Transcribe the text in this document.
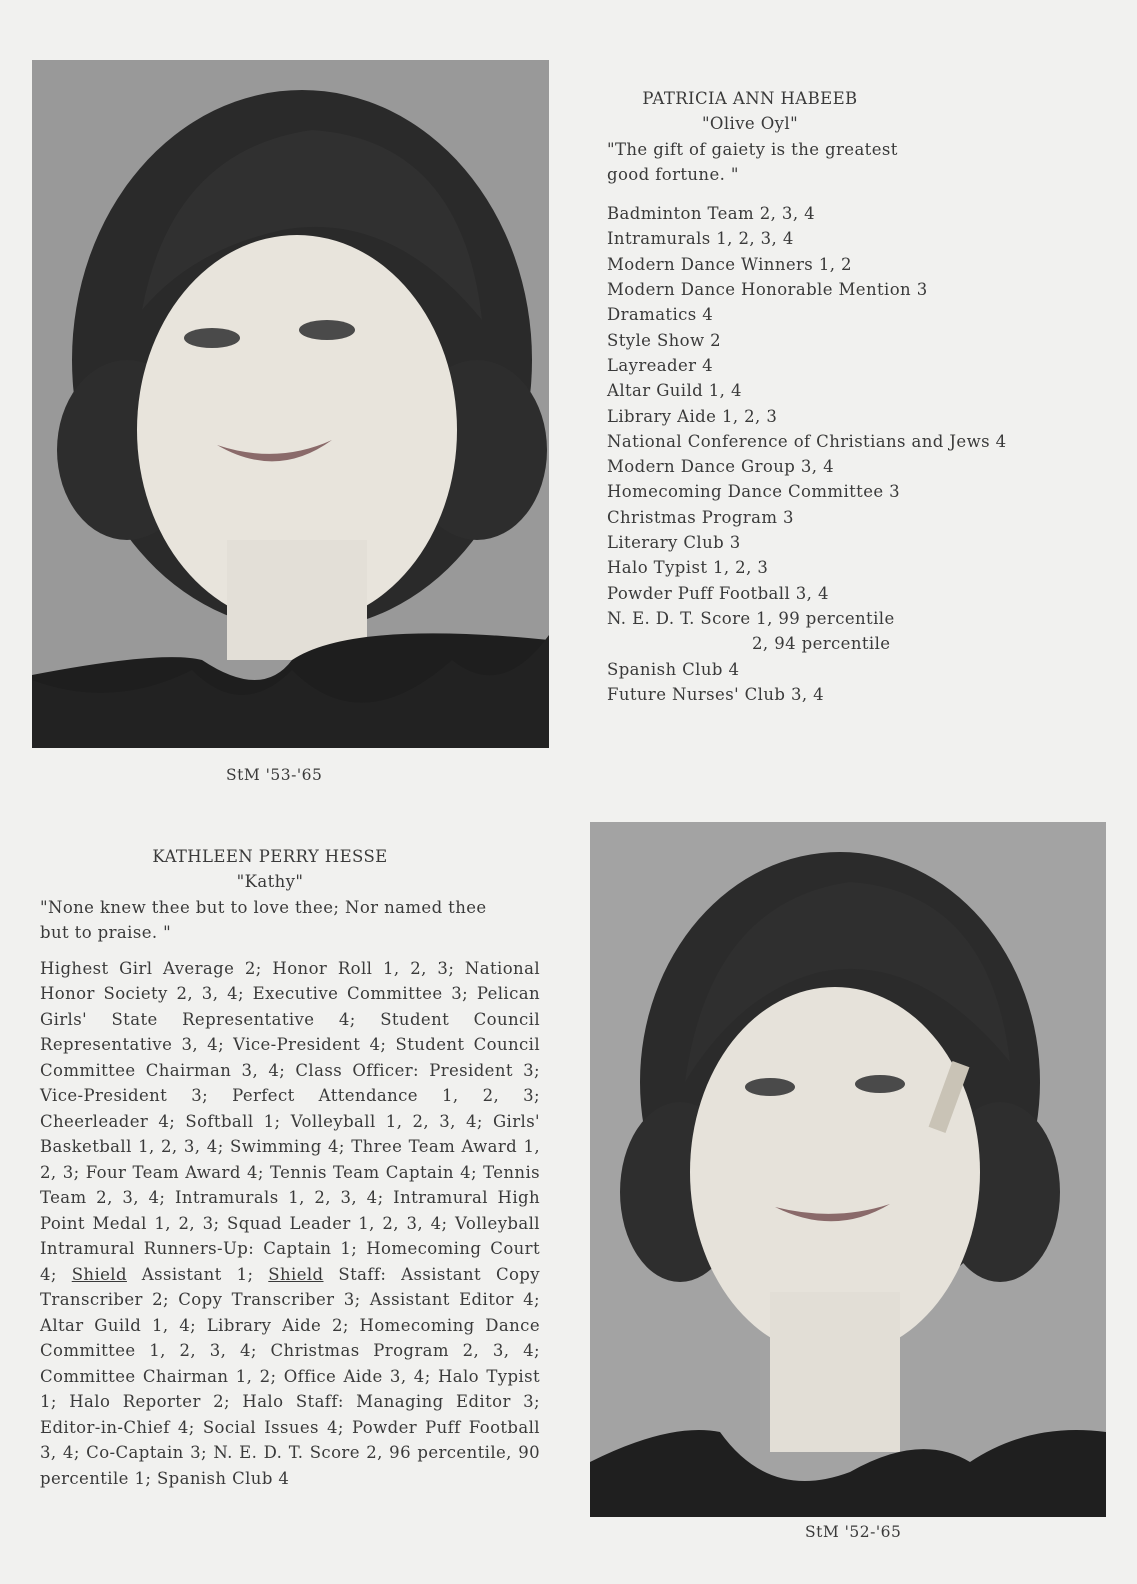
PATRICIA ANN HABEEB
"Olive Oyl"
"The gift of gaiety is the greatest
good fortune. "
Badminton Team 2, 3, 4
Intramurals 1, 2, 3, 4
Modern Dance Winners 1, 2
Modern Dance Honorable Mention 3
Dramatics 4
Style Show 2
Layreader 4
Altar Guild 1, 4
Library Aide 1, 2, 3
National Conference of Christians and Jews 4
Modern Dance Group 3, 4
Homecoming Dance Committee 3
Christmas Program 3
Literary Club 3
Halo Typist 1, 2, 3
Powder Puff Football 3, 4
N. E. D. T. Score 1, 99 percentile
2, 94 percentile
Spanish Club 4
Future Nurses' Club 3, 4
StM '53-'65
KATHLEEN PERRY HESSE
"Kathy"
"None knew thee but to love thee; Nor named thee but to praise. "
Highest Girl Average 2; Honor Roll 1, 2, 3; National Honor Society 2, 3, 4; Executive Committee 3; Pelican Girls' State Representative 4; Student Council Representative 3, 4; Vice-President 4; Student Council Committee Chairman 3, 4; Class Officer: President 3; Vice-President 3; Perfect Attendance 1, 2, 3; Cheerleader 4; Softball 1; Volleyball 1, 2, 3, 4; Girls' Basketball 1, 2, 3, 4; Swimming 4; Three Team Award 1, 2, 3; Four Team Award 4; Tennis Team Captain 4; Tennis Team 2, 3, 4; Intramurals 1, 2, 3, 4; Intramural High Point Medal 1, 2, 3; Squad Leader 1, 2, 3, 4; Volleyball Intramural Runners-Up: Captain 1; Homecoming Court 4; Shield Assistant 1; Shield Staff: Assistant Copy Transcriber 2; Copy Transcriber 3; Assistant Editor 4; Altar Guild 1, 4; Library Aide 2; Homecoming Dance Committee 1, 2, 3, 4; Christmas Program 2, 3, 4; Committee Chairman 1, 2; Office Aide 3, 4; Halo Typist 1; Halo Reporter 2; Halo Staff: Managing Editor 3; Editor-in-Chief 4; Social Issues 4; Powder Puff Football 3, 4; Co-Captain 3; N. E. D. T. Score 2, 96 percentile, 90 percentile 1; Spanish Club 4
StM '52-'65
